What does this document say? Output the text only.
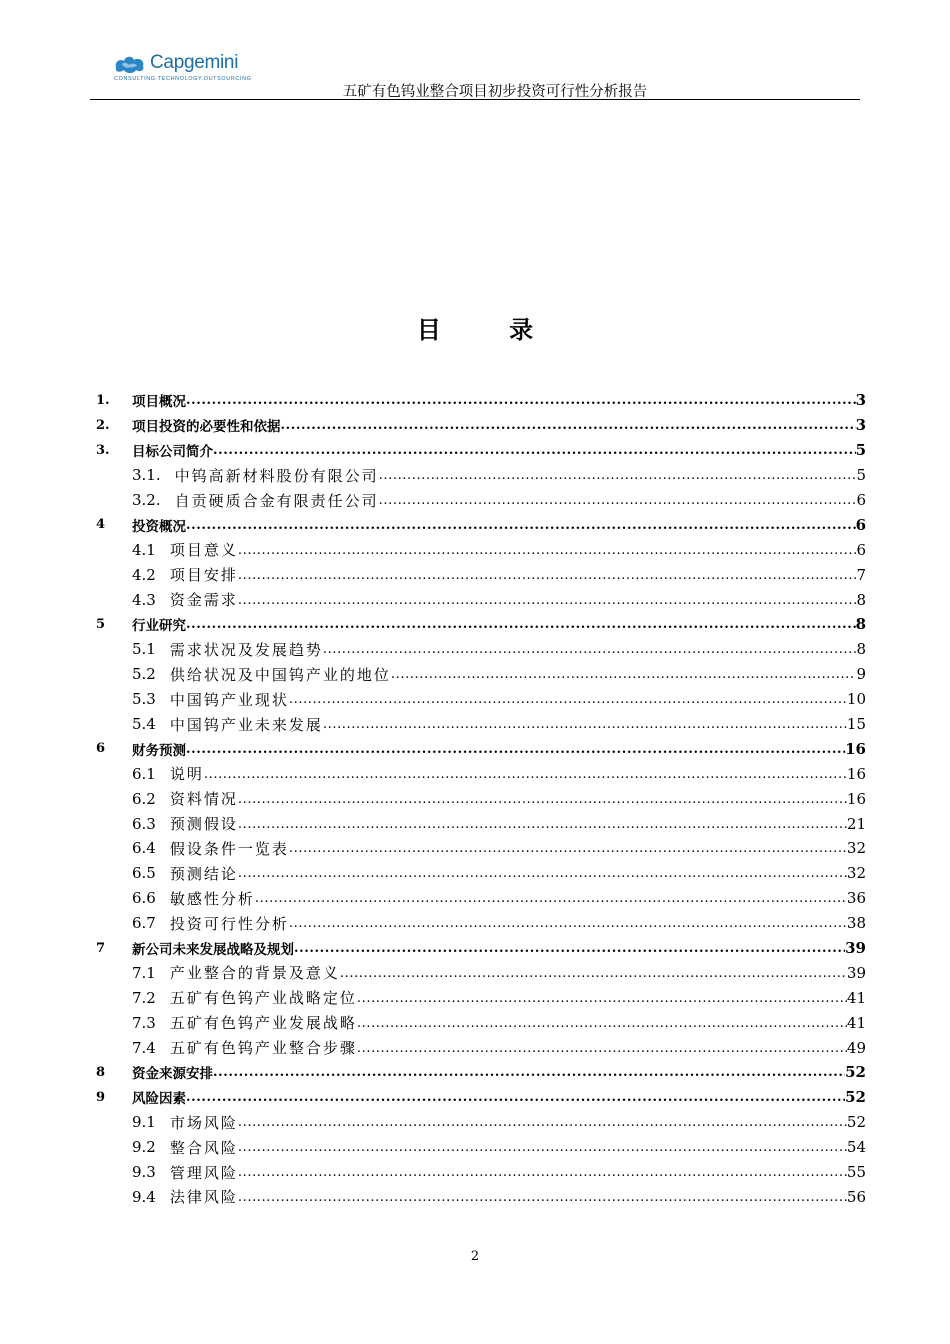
Capgemini
CONSULTING.TECHNOLOGY.OUTSOURCING
五矿有色钨业整合项目初步投资可行性分析报告
目 录
1.	项目概况 .....	3
2.	项目投资的必要性和依据 .....	3
3.	目标公司简介 .....	5
3.1. 中钨高新材料股份有限公司 .....	5
3.2. 自贡硬质合金有限责任公司 .....	6
4	投资概况 .....	6
4.1 项目意义 .....	6
4.2 项目安排 .....	7
4.3 资金需求 .....	8
5	行业研究 .....	8
5.1 需求状况及发展趋势 .....	8
5.2 供给状况及中国钨产业的地位 .....	9
5.3 中国钨产业现状 .....	10
5.4 中国钨产业未来发展 .....	15
6	财务预测 .....	16
6.1 说明 .....	16
6.2 资料情况 .....	16
6.3 预测假设 .....	21
6.4 假设条件一览表 .....	32
6.5 预测结论 .....	32
6.6 敏感性分析 .....	36
6.7 投资可行性分析 .....	38
7	新公司未来发展战略及规划 .....	39
7.1 产业整合的背景及意义 .....	39
7.2 五矿有色钨产业战略定位 .....	41
7.3 五矿有色钨产业发展战略 .....	41
7.4 五矿有色钨产业整合步骤 .....	49
8	资金来源安排 .....	52
9	风险因素 .....	52
9.1 市场风险 .....	52
9.2 整合风险 .....	54
9.3 管理风险 .....	55
9.4 法律风险 .....	56
2
